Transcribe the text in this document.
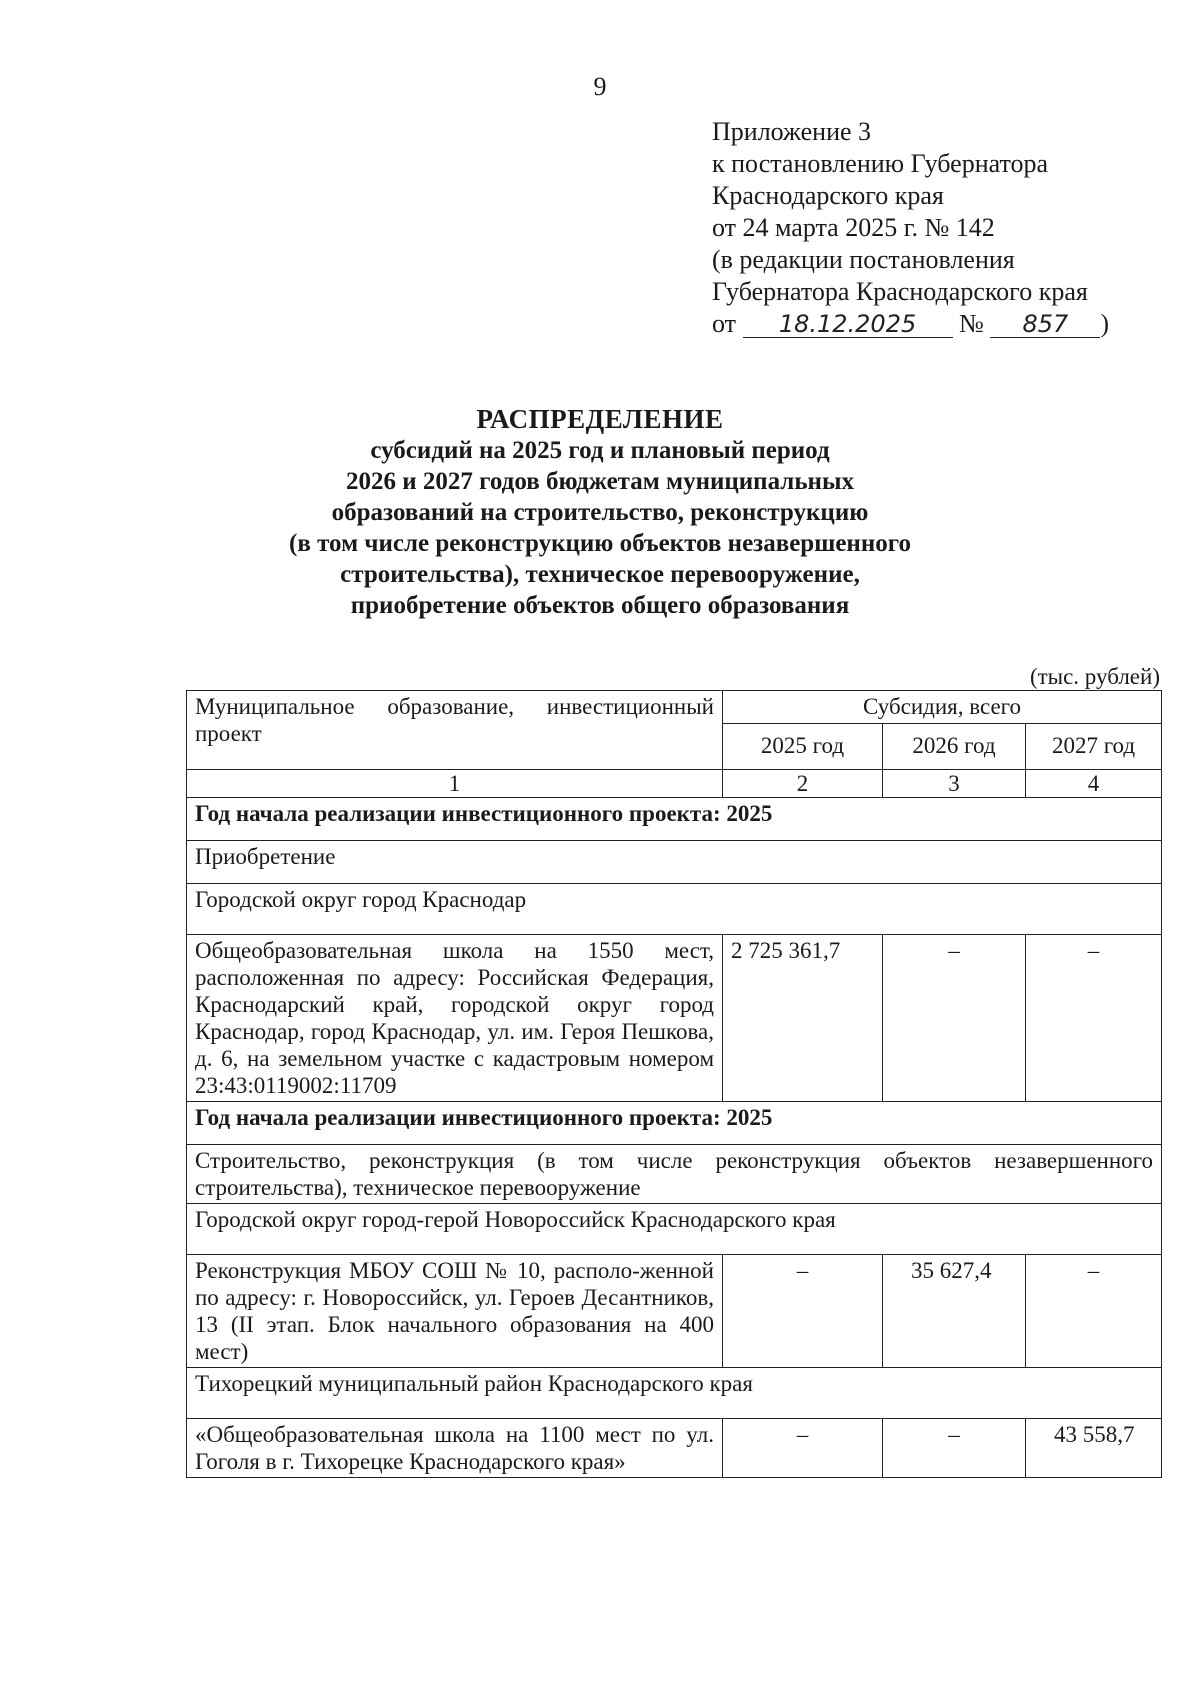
9
Приложение 3
к постановлению Губернатора
Краснодарского края
от 24 марта 2025 г. № 142
(в редакции постановления
Губернатора Краснодарского края
от 18.12.2025 № 857 )
РАСПРЕДЕЛЕНИЕ
субсидий на 2025 год и плановый период
2026 и 2027 годов бюджетам муниципальных
образований на строительство, реконструкцию
(в том числе реконструкцию объектов незавершенного
строительства), техническое перевооружение,
приобретение объектов общего образования
(тыс. рублей)
Муниципальное образование, инвестиционный проект	Субсидия, всего		
	2025 год	2026 год	2027 год
1	2	3	4
Год начала реализации инвестиционного проекта: 2025			
Приобретение			
Городской округ город Краснодар			
Общеобразовательная школа на 1550 мест, расположенная по адресу: Российская Федерация, Краснодарский край, городской округ город Краснодар, город Краснодар, ул. им. Героя Пешкова, д. 6, на земельном участке с кадастровым номером 23:43:0119002:11709	2 725 361,7	–	–
Год начала реализации инвестиционного проекта: 2025			
Строительство, реконструкция (в том числе реконструкция объектов незавершенного строительства), техническое перевооружение			
Городской округ город-герой Новороссийск Краснодарского края			
Реконструкция МБОУ СОШ № 10, располо-женной по адресу: г. Новороссийск, ул. Героев Десантников, 13 (II этап. Блок начального образования на 400 мест)	–	35 627,4	–
Тихорецкий муниципальный район Краснодарского края			
«Общеобразовательная школа на 1100 мест по ул. Гоголя в г. Тихорецке Краснодарского края»	–	–	43 558,7
